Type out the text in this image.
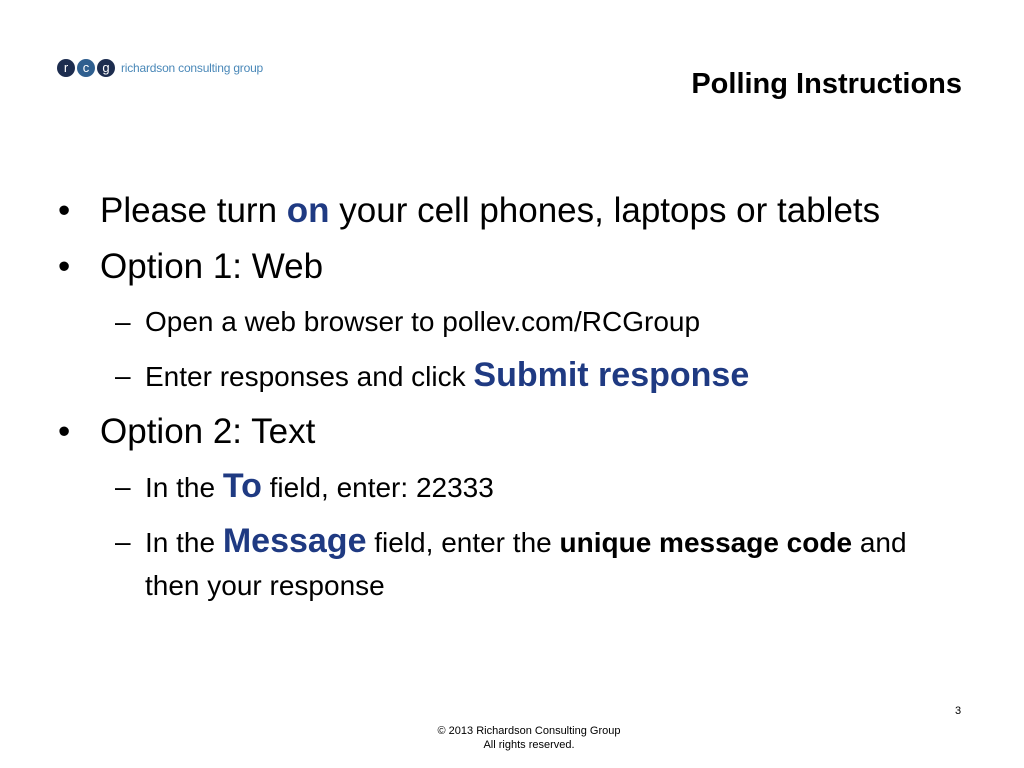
r	c	g richardson consulting group	Polling Instructions

• Please turn on your cell phones, laptops or tablets

• Option 1: Web

– Open a web browser to pollev.com/RCGroup

– Enter responses and click Submit response

• Option 2: Text

– In the To field, enter: 22333

– In the Message field, enter the unique message code and then your response

3
© 2013 Richardson Consulting Group
All rights reserved.
